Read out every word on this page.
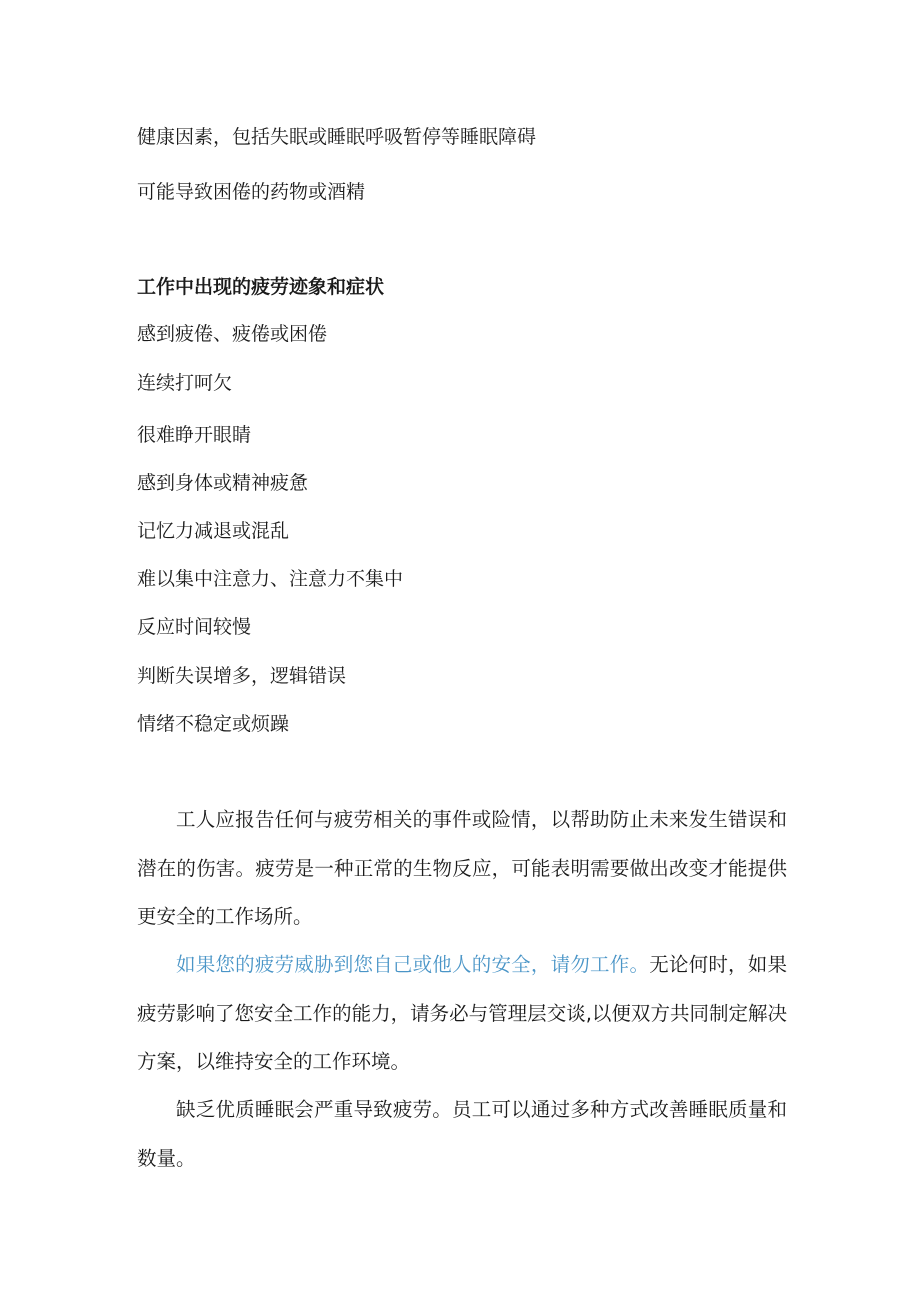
健康因素，包括失眠或睡眠呼吸暂停等睡眠障碍

可能导致困倦的药物或酒精

工作中出现的疲劳迹象和症状

感到疲倦、疲倦或困倦

连续打呵欠

很难睁开眼睛

感到身体或精神疲惫

记忆力减退或混乱

难以集中注意力、注意力不集中

反应时间较慢

判断失误增多，逻辑错误

情绪不稳定或烦躁

工人应报告任何与疲劳相关的事件或险情，以帮助防止未来发生错误和潜在的伤害。疲劳是一种正常的生物反应，可能表明需要做出改变才能提供更安全的工作场所。

如果您的疲劳威胁到您自己或他人的安全，请勿工作。无论何时，如果疲劳影响了您安全工作的能力，请务必与管理层交谈,以便双方共同制定解决方案，以维持安全的工作环境。

缺乏优质睡眠会严重导致疲劳。员工可以通过多种方式改善睡眠质量和数量。
